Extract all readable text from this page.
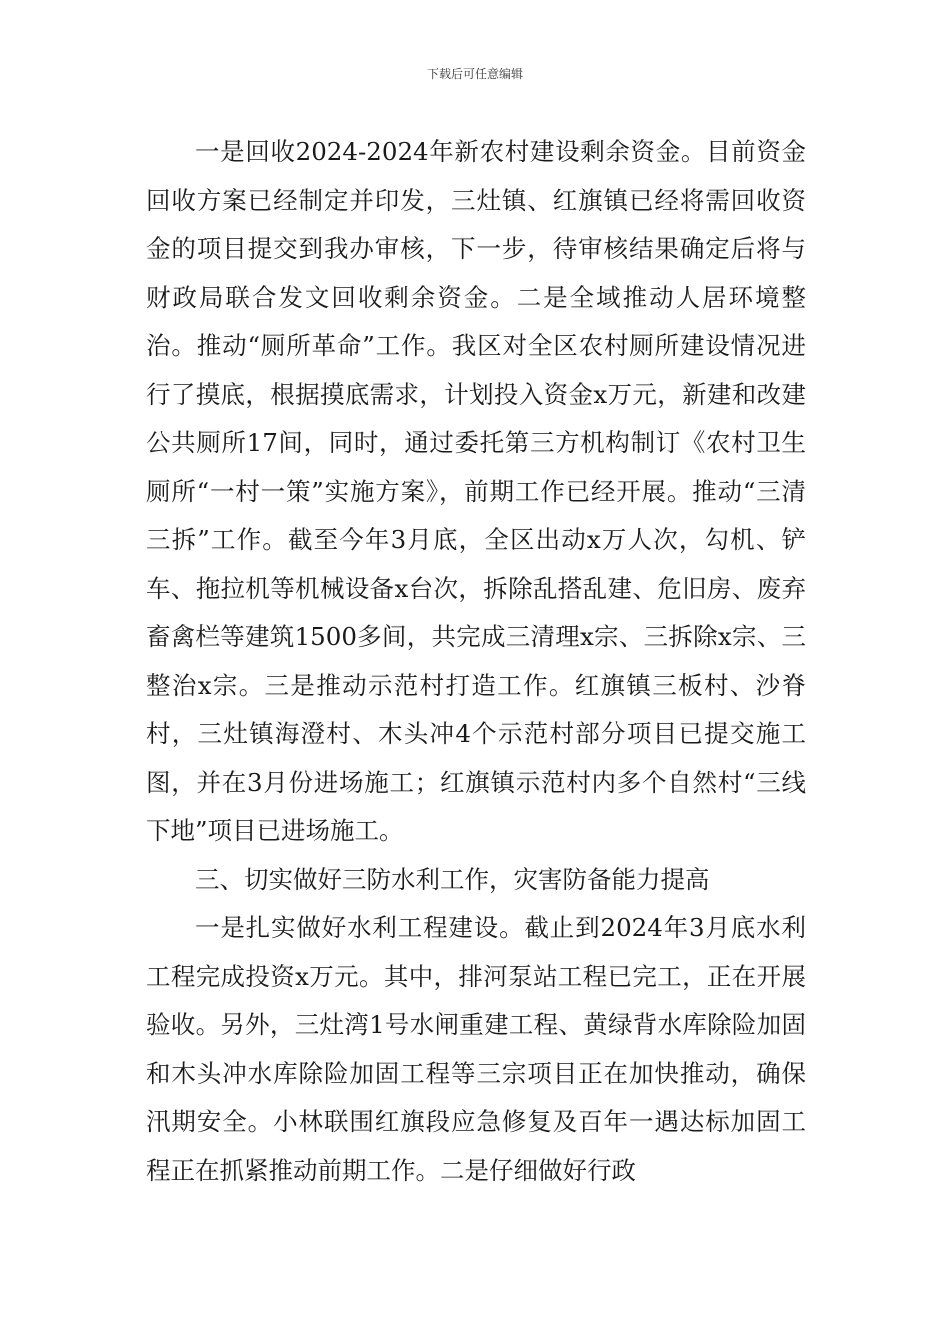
下载后可任意编辑

一是回收2024-2024年新农村建设剩余资金。目前资金回收方案已经制定并印发，三灶镇、红旗镇已经将需回收资金的项目提交到我办审核，下一步，待审核结果确定后将与财政局联合发文回收剩余资金。二是全域推动人居环境整治。推动“厕所革命”工作。我区对全区农村厕所建设情况进行了摸底，根据摸底需求，计划投入资金x万元，新建和改建公共厕所17间，同时，通过委托第三方机构制订《农村卫生厕所“一村一策”实施方案》，前期工作已经开展。推动“三清三拆”工作。截至今年3月底，全区出动x万人次，勾机、铲车、拖拉机等机械设备x台次，拆除乱搭乱建、危旧房、废弃畜禽栏等建筑1500多间，共完成三清理x宗、三拆除x宗、三整治x宗。三是推动示范村打造工作。红旗镇三板村、沙脊村，三灶镇海澄村、木头冲4个示范村部分项目已提交施工图，并在3月份进场施工；红旗镇示范村内多个自然村“三线下地”项目已进场施工。

三、切实做好三防水利工作，灾害防备能力提高

一是扎实做好水利工程建设。截止到2024年3月底水利工程完成投资x万元。其中，排河泵站工程已完工，正在开展验收。另外，三灶湾1号水闸重建工程、黄绿背水库除险加固和木头冲水库除险加固工程等三宗项目正在加快推动，确保汛期安全。小林联围红旗段应急修复及百年一遇达标加固工程正在抓紧推动前期工作。二是仔细做好行政
